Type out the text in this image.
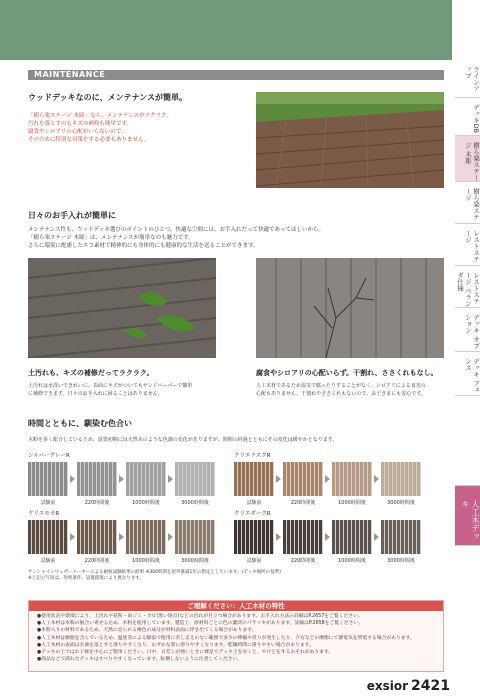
ラインアップ
デッキDB
樹ら楽ステージ 木彫
樹ら楽ステージ
レストステージ
レストステージ ペランダ仕様
デッキ オプション
デッキ フェンス
人工木デッキ
MAINTENANCE
ウッドデッキなのに、メンテナンスが簡単。
「樹ら楽ステージ 木彫」なら、メンテナンスがラクラク。
汚れを落とすのもキズの補修も簡単です。
腐食やシロアリの心配がいらないので、
そのために特別な対策をする必要もありません。
日々のお手入れが簡単に
メンテナンス性も、ウッドデッキ選びのポイントのひとつ。快適な空間には、お手入れだって快適であってほしいから。
「樹ら楽ステージ 木彫」は、メンテナンスが簡単なのも魅力です。
さらに環境に配慮したエコ素材で精神的にも身体的にも健康的な生活を送ることができます。
土汚れも、キズの補修だってラクラク。
土汚れは水洗いできれいに。表面にキズがついてもサンドペーパーで簡単
に補修できます。日々のお手入れに困ることはありません。
腐食やシロアリの心配いらず。干割れ、ささくれもなし。
人工木材であるため湿気で腐ったりすることがなく、シロアリによる食害の
心配もありません。干割れやささくれもないので、お子さまにも安心です。
時間とともに、馴染む色合い
木粉を多く配合しているため、設置初期には天然木のような色調の変化がありますが、時間の経過とともにその変化は緩やかとなります。
シルバーグレーR
試験前	220時間後	1000時間後	3000時間後
クリエラスクR
試験前	220時間後	1000時間後	3000時間後
クリエモカR
試験前	220時間後	1000時間後	3000時間後
クリエダークR
試験前	220時間後	1000時間後	3000時間後
サンシャインウェザーメーターによる耐候試験結果の結果 ※300時間を屋外暴露1年の想定としています。(デッキ場所の基準)
※上記の写真は、効果条件、設置環境により異なります。
ご理解ください：人工木材の特性
●使用状況や環境により、土汚れや花粉・雨ジミ・カビ(黒い斑点)などの汚れが目立つ場合があります。お手入れ方法の詳細はP.2657をご覧ください。
●人工木材は木粉の風合い寄せるため、木粉を使用しています。製造上、原材料ごとに色の濃淡のバラツキがあります。詳細はP.2658をご覧ください。
●木粉入りの材料であるため、天然に見られる褐色の成分が材料表面に浮き出てくる場合があります。
●人工木材は樹脂を含んでいるため、温度差による膨張で使用に差し支えのない範囲で多少の伸縮や反りが発生したり、夕方などの摩擦にて静電気を帯電する場合があります。
●人工木材の表面は水滴を落とすと滑りやすくなり、わずかな影に滑りやすくなります。乾燥時間に滑りやすい場合があります。
●デッキの上ではお子様を中心にご使用ください。日中、日差しが強いときに裸足でデッキ上を歩くと、やけどをするおそれがあります。
●商品などで濡れたデッキはすべりやすくなっています。転倒しないように注意してください。
exsior 2421
